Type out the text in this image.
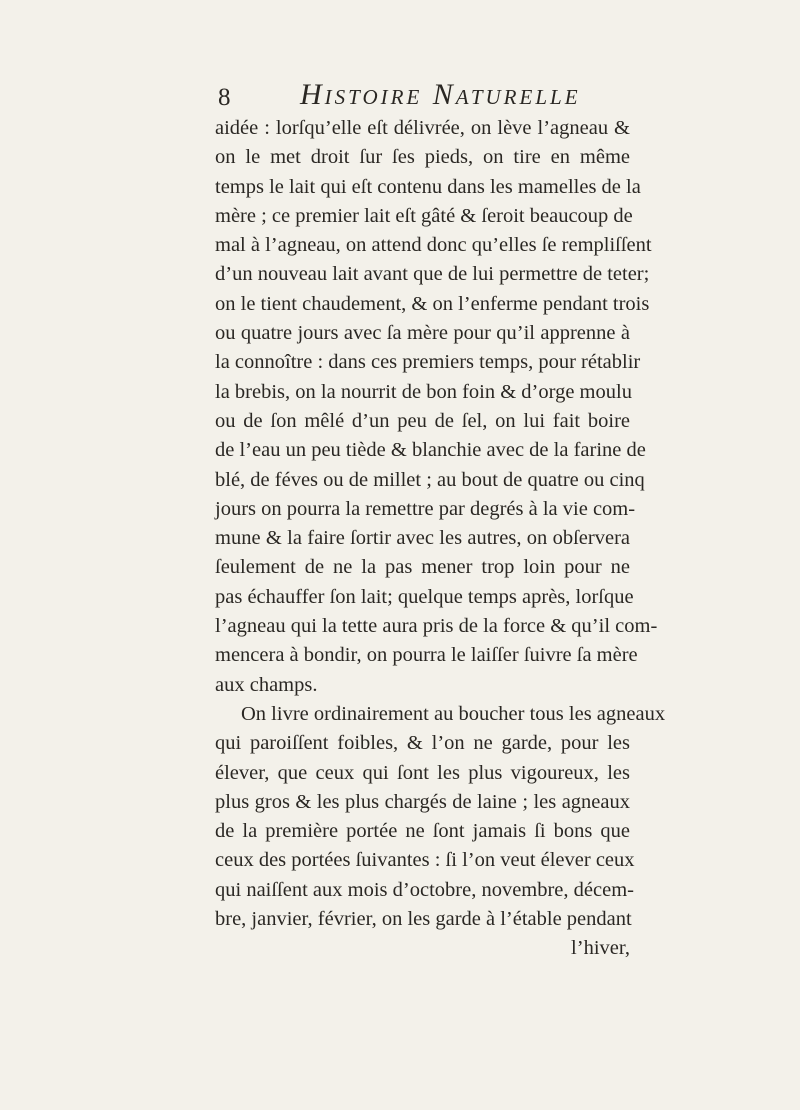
8 Histoire Naturelle
aidée : lorſqu’elle eſt délivrée, on lève l’agneau &
on le met droit ſur ſes pieds, on tire en même
temps le lait qui eſt contenu dans les mamelles de la
mère ; ce premier lait eſt gâté & ſeroit beaucoup de
mal à l’agneau, on attend donc qu’elles ſe rempliſſent
d’un nouveau lait avant que de lui permettre de teter;
on le tient chaudement, & on l’enferme pendant trois
ou quatre jours avec ſa mère pour qu’il apprenne à
la connoître : dans ces premiers temps, pour rétablir
la brebis, on la nourrit de bon foin & d’orge moulu
ou de ſon mêlé d’un peu de ſel, on lui fait boire
de l’eau un peu tiède & blanchie avec de la farine de
blé, de féves ou de millet ; au bout de quatre ou cinq
jours on pourra la remettre par degrés à la vie com-
mune & la faire ſortir avec les autres, on obſervera
ſeulement de ne la pas mener trop loin pour ne
pas échauffer ſon lait; quelque temps après, lorſque
l’agneau qui la tette aura pris de la force & qu’il com-
mencera à bondir, on pourra le laiſſer ſuivre ſa mère
aux champs.
On livre ordinairement au boucher tous les agneaux
qui paroiſſent foibles, & l’on ne garde, pour les
élever, que ceux qui ſont les plus vigoureux, les
plus gros & les plus chargés de laine ; les agneaux
de la première portée ne ſont jamais ſi bons que
ceux des portées ſuivantes : ſi l’on veut élever ceux
qui naiſſent aux mois d’octobre, novembre, décem-
bre, janvier, février, on les garde à l’étable pendant
l’hiver,
